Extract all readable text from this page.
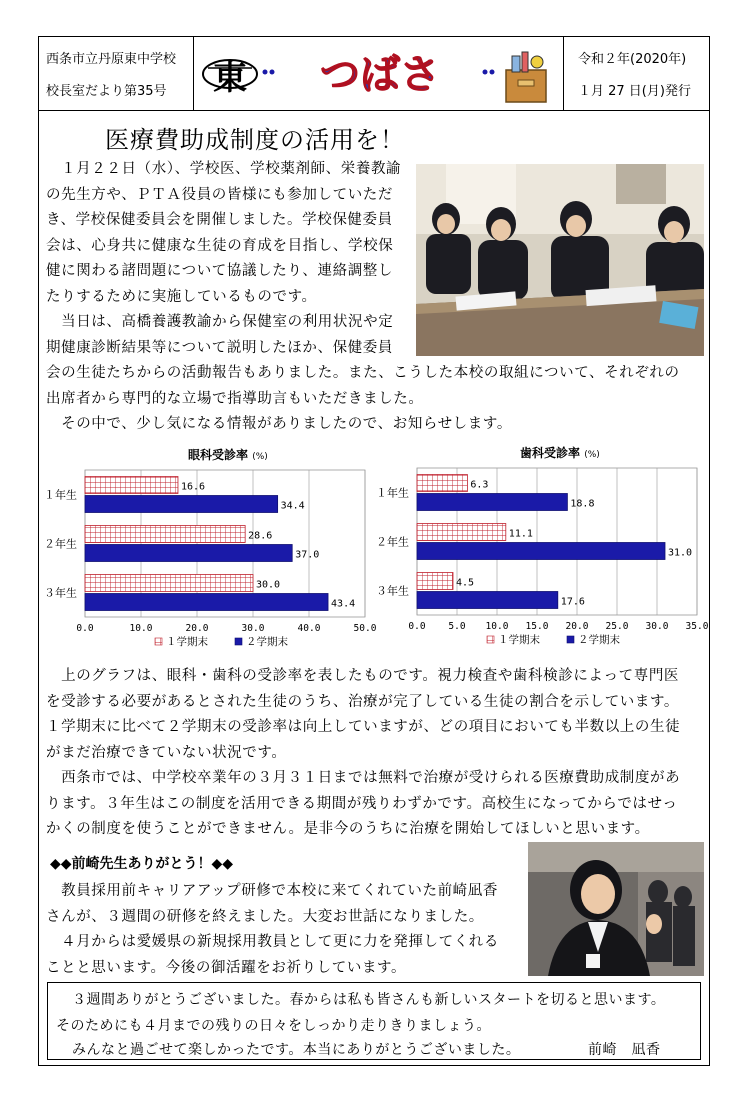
西条市立丹原東中学校
校長室だより第35号 東 つばさ	令和２年(2020年)
１月 27 日(月)発行
医療費助成制度の活用を！
　１月２２日（水）、学校医、学校薬剤師、栄養教諭
の先生方や、ＰＴＡ役員の皆様にも参加していただ
き、学校保健委員会を開催しました。学校保健委員
会は、心身共に健康な生徒の育成を目指し、学校保
健に関わる諸問題について協議したり、連絡調整し
たりするために実施しているものです。
　当日は、高橋養護教諭から保健室の利用状況や定
期健康診断結果等について説明したほか、保健委員
会の生徒たちからの活動報告もありました。また、こうした本校の取組について、それぞれの
出席者から専門的な立場で指導助言もいただきました。
　その中で、少し気になる情報がありましたので、お知らせします。
眼科受診率 (%)
0.0	10.0	20.0	30.0	40.0	50.0
１年生
16.6
34.4
２年生
28.6
37.0
３年生
30.0
43.4
１学期末	２学期末
歯科受診率 (%)
0.0 5.0 10.0 15.0 20.0 25.0 30.0 35.0
１年生
6.3
18.8
２年生
11.1
31.0
３年生
4.5
17.6
１学期末	２学期末
　上のグラフは、眼科・歯科の受診率を表したものです。視力検査や歯科検診によって専門医
を受診する必要があるとされた生徒のうち、治療が完了している生徒の割合を示しています。
１学期末に比べて２学期末の受診率は向上していますが、どの項目においても半数以上の生徒
がまだ治療できていない状況です。
　西条市では、中学校卒業年の３月３１日までは無料で治療が受けられる医療費助成制度があ
ります。３年生はこの制度を活用できる期間が残りわずかです。高校生になってからではせっ
かくの制度を使うことができません。是非今のうちに治療を開始してほしいと思います。
◆◆前崎先生ありがとう！◆◆
　教員採用前キャリアアップ研修で本校に来てくれていた前崎凪香
さんが、３週間の研修を終えました。大変お世話になりました。
　４月からは愛媛県の新規採用教員として更に力を発揮してくれる
ことと思います。今後の御活躍をお祈りしています。
３週間ありがとうございました。春からは私も皆さんも新しいスタートを切ると思います。
そのためにも４月までの残りの日々をしっかり走りきりましょう。
みんなと過ごせて楽しかったです。本当にありがとうございました。	前崎　凪香
